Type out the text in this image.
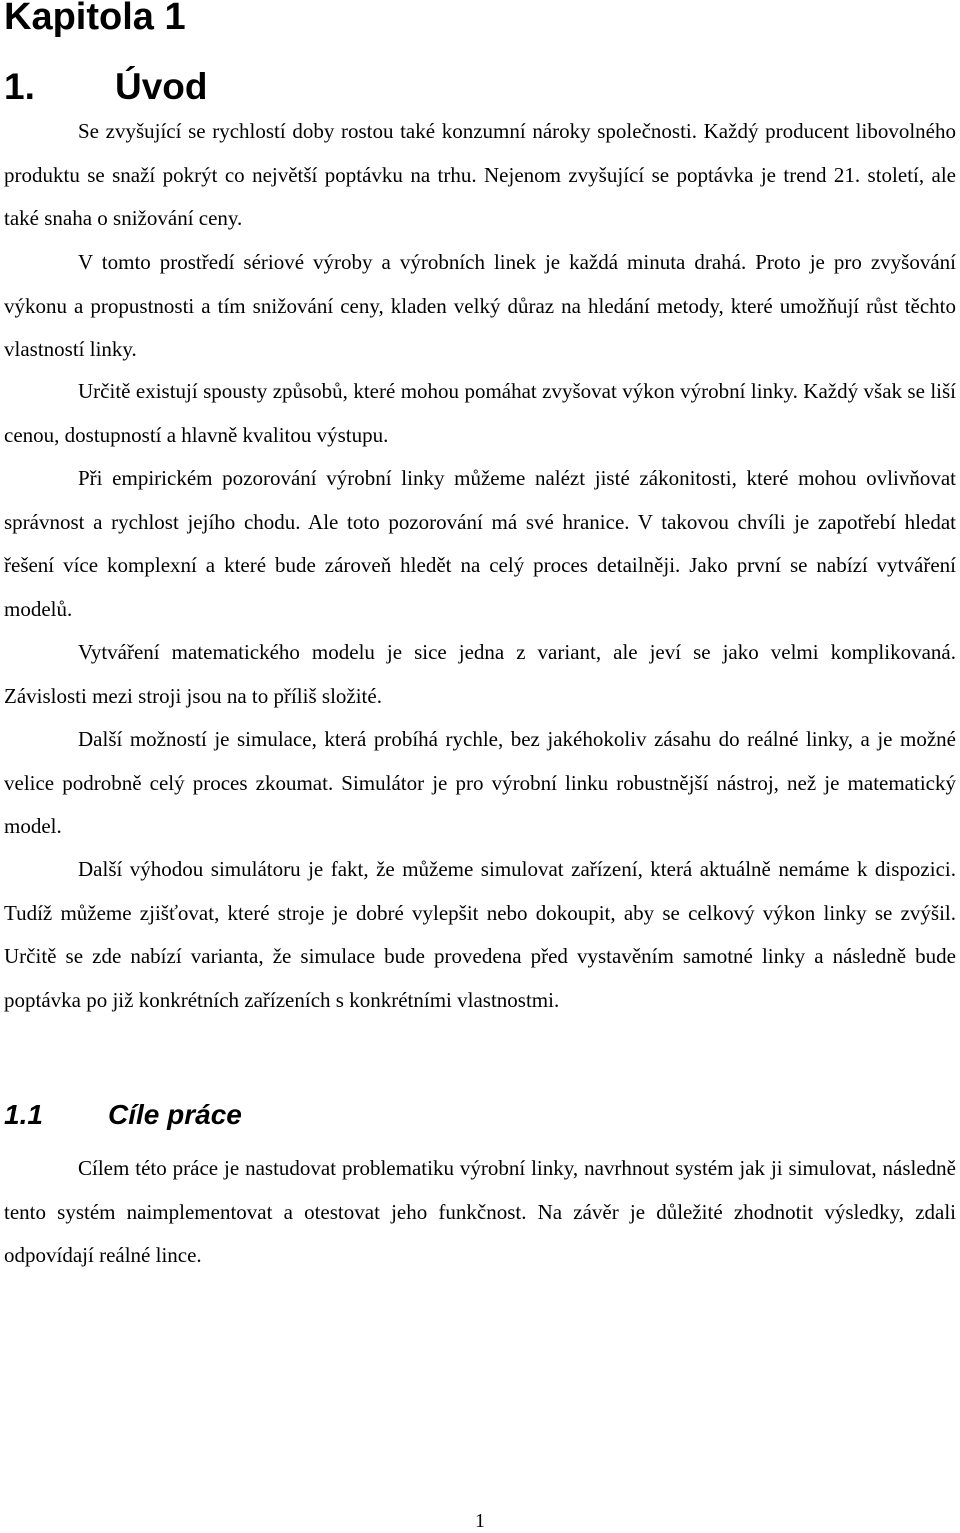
Kapitola 1
1. Úvod

Se zvyšující se rychlostí doby rostou také konzumní nároky společnosti. Každý producent libovolného produktu se snaží pokrýt co největší poptávku na trhu. Nejenom zvyšující se poptávka je trend 21. století, ale také snaha o snižování ceny.

V tomto prostředí sériové výroby a výrobních linek je každá minuta drahá. Proto je pro zvyšování výkonu a propustnosti a tím snižování ceny, kladen velký důraz na hledání metody, které umožňují růst těchto vlastností linky.

Určitě existují spousty způsobů, které mohou pomáhat zvyšovat výkon výrobní linky. Každý však se liší cenou, dostupností a hlavně kvalitou výstupu.

Při empirickém pozorování výrobní linky můžeme nalézt jisté zákonitosti, které mohou ovlivňovat správnost a rychlost jejího chodu. Ale toto pozorování má své hranice. V takovou chvíli je zapotřebí hledat řešení více komplexní a které bude zároveň hledět na celý proces detailněji. Jako první se nabízí vytváření modelů.

Vytváření matematického modelu je sice jedna z variant, ale jeví se jako velmi komplikovaná. Závislosti mezi stroji jsou na to příliš složité.

Další možností je simulace, která probíhá rychle, bez jakéhokoliv zásahu do reálné linky, a je možné velice podrobně celý proces zkoumat. Simulátor je pro výrobní linku robustnější nástroj, než je matematický model.

Další výhodou simulátoru je fakt, že můžeme simulovat zařízení, která aktuálně nemáme k dispozici. Tudíž můžeme zjišťovat, které stroje je dobré vylepšit nebo dokoupit, aby se celkový výkon linky se zvýšil. Určitě se zde nabízí varianta, že simulace bude provedena před vystavěním samotné linky a následně bude poptávka po již konkrétních zařízeních s konkrétními vlastnostmi.

1.1 Cíle práce

Cílem této práce je nastudovat problematiku výrobní linky, navrhnout systém jak ji simulovat, následně tento systém naimplementovat a otestovat jeho funkčnost. Na závěr je důležité zhodnotit výsledky, zdali odpovídají reálné lince.

1
